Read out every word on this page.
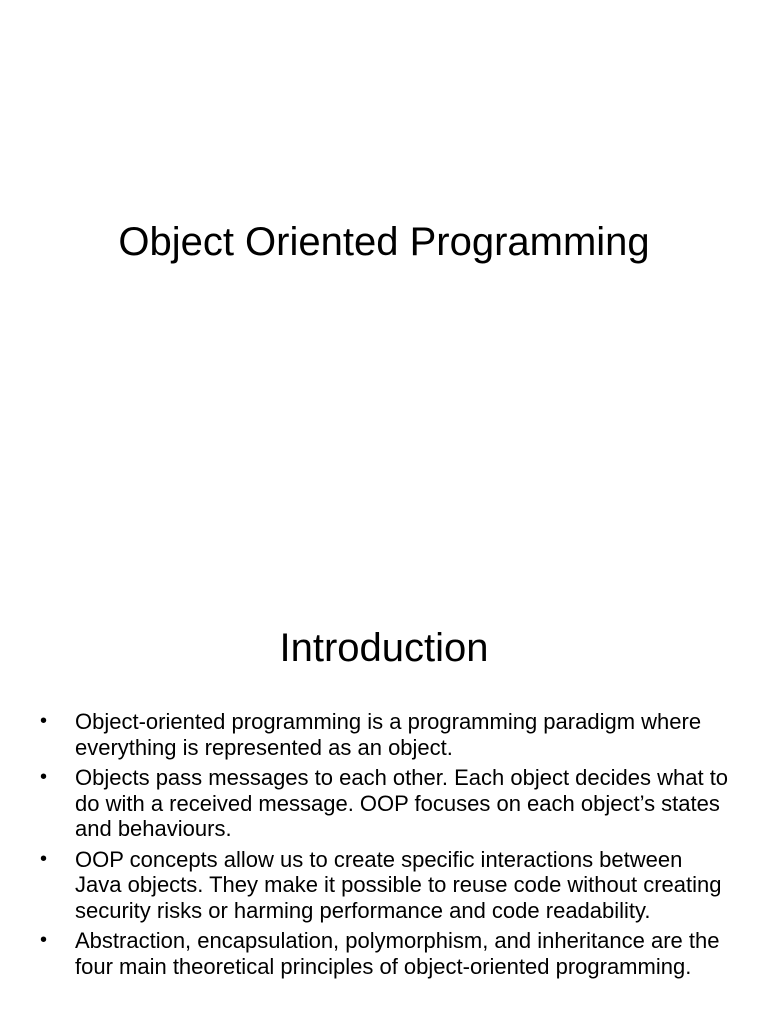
Object Oriented Programming
Introduction
•	Object-oriented programming is a programming paradigm where everything is represented as an object.
•	Objects pass messages to each other. Each object decides what to do with a received message. OOP focuses on each object’s states and behaviours.
•	OOP concepts allow us to create specific interactions between Java objects. They make it possible to reuse code without creating security risks or harming performance and code readability.
•	Abstraction, encapsulation, polymorphism, and inheritance are the four main theoretical principles of object-oriented programming.
